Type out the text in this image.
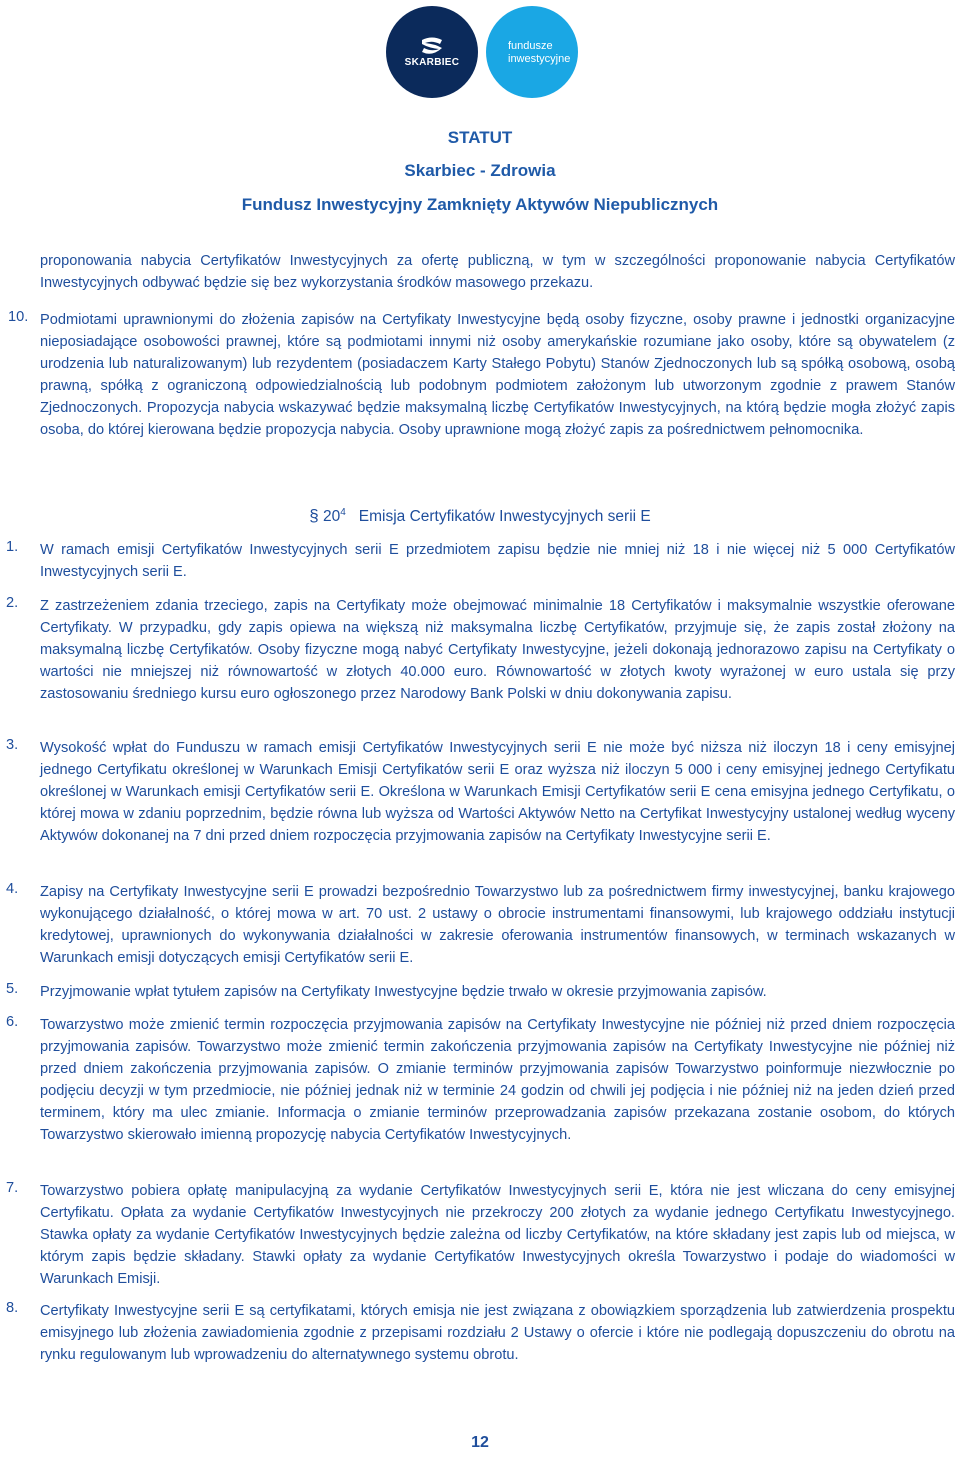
SKARBIEC
fundusze
inwestycyjne
STATUT
Skarbiec - Zdrowia
Fundusz Inwestycyjny Zamknięty Aktywów Niepublicznych

proponowania nabycia Certyfikatów Inwestycyjnych za ofertę publiczną, w tym w szczególności proponowanie nabycia Certyfikatów Inwestycyjnych odbywać będzie się bez wykorzystania środków masowego przekazu.

10. Podmiotami uprawnionymi do złożenia zapisów na Certyfikaty Inwestycyjne będą osoby fizyczne, osoby prawne i jednostki organizacyjne nieposiadające osobowości prawnej, które są podmiotami innymi niż osoby amerykańskie rozumiane jako osoby, które są obywatelem (z urodzenia lub naturalizowanym) lub rezydentem (posiadaczem Karty Stałego Pobytu) Stanów Zjednoczonych lub są spółką osobową, osobą prawną, spółką z ograniczoną odpowiedzialnością lub podobnym podmiotem założonym lub utworzonym zgodnie z prawem Stanów Zjednoczonych. Propozycja nabycia wskazywać będzie maksymalną liczbę Certyfikatów Inwestycyjnych, na którą będzie mogła złożyć zapis osoba, do której kierowana będzie propozycja nabycia. Osoby uprawnione mogą złożyć zapis za pośrednictwem pełnomocnika.

§ $20^4$ Emisja Certyfikatów Inwestycyjnych serii E
1. W ramach emisji Certyfikatów Inwestycyjnych serii E przedmiotem zapisu będzie nie mniej niż 18 i nie więcej niż 5 000 Certyfikatów Inwestycyjnych serii E.

2. Z zastrzeżeniem zdania trzeciego, zapis na Certyfikaty może obejmować minimalnie 18 Certyfikatów i maksymalnie wszystkie oferowane Certyfikaty. W przypadku, gdy zapis opiewa na większą niż maksymalna liczbę Certyfikatów, przyjmuje się, że zapis został złożony na maksymalną liczbę Certyfikatów. Osoby fizyczne mogą nabyć Certyfikaty Inwestycyjne, jeżeli dokonają jednorazowo zapisu na Certyfikaty o wartości nie mniejszej niż równowartość w złotych 40.000 euro. Równowartość w złotych kwoty wyrażonej w euro ustala się przy zastosowaniu średniego kursu euro ogłoszonego przez Narodowy Bank Polski w dniu dokonywania zapisu.

3. Wysokość wpłat do Funduszu w ramach emisji Certyfikatów Inwestycyjnych serii E nie może być niższa niż iloczyn 18 i ceny emisyjnej jednego Certyfikatu określonej w Warunkach Emisji Certyfikatów serii E oraz wyższa niż iloczyn 5 000 i ceny emisyjnej jednego Certyfikatu określonej w Warunkach emisji Certyfikatów serii E. Określona w Warunkach Emisji Certyfikatów serii E cena emisyjna jednego Certyfikatu, o której mowa w zdaniu poprzednim, będzie równa lub wyższa od Wartości Aktywów Netto na Certyfikat Inwestycyjny ustalonej według wyceny Aktywów dokonanej na 7 dni przed dniem rozpoczęcia przyjmowania zapisów na Certyfikaty Inwestycyjne serii E.

4. Zapisy na Certyfikaty Inwestycyjne serii E prowadzi bezpośrednio Towarzystwo lub za pośrednictwem firmy inwestycyjnej, banku krajowego wykonującego działalność, o której mowa w art. 70 ust. 2 ustawy o obrocie instrumentami finansowymi, lub krajowego oddziału instytucji kredytowej, uprawnionych do wykonywania działalności w zakresie oferowania instrumentów finansowych, w terminach wskazanych w Warunkach emisji dotyczących emisji Certyfikatów serii E.

5. Przyjmowanie wpłat tytułem zapisów na Certyfikaty Inwestycyjne będzie trwało w okresie przyjmowania zapisów.

6. Towarzystwo może zmienić termin rozpoczęcia przyjmowania zapisów na Certyfikaty Inwestycyjne nie później niż przed dniem rozpoczęcia przyjmowania zapisów. Towarzystwo może zmienić termin zakończenia przyjmowania zapisów na Certyfikaty Inwestycyjne nie później niż przed dniem zakończenia przyjmowania zapisów. O zmianie terminów przyjmowania zapisów Towarzystwo poinformuje niezwłocznie po podjęciu decyzji w tym przedmiocie, nie później jednak niż w terminie 24 godzin od chwili jej podjęcia i nie później niż na jeden dzień przed terminem, który ma ulec zmianie. Informacja o zmianie terminów przeprowadzania zapisów przekazana zostanie osobom, do których Towarzystwo skierowało imienną propozycję nabycia Certyfikatów Inwestycyjnych.

7. Towarzystwo pobiera opłatę manipulacyjną za wydanie Certyfikatów Inwestycyjnych serii E, która nie jest wliczana do ceny emisyjnej Certyfikatu. Opłata za wydanie Certyfikatów Inwestycyjnych nie przekroczy 200 złotych za wydanie jednego Certyfikatu Inwestycyjnego. Stawka opłaty za wydanie Certyfikatów Inwestycyjnych będzie zależna od liczby Certyfikatów, na które składany jest zapis lub od miejsca, w którym zapis będzie składany. Stawki opłaty za wydanie Certyfikatów Inwestycyjnych określa Towarzystwo i podaje do wiadomości w Warunkach Emisji.

8. Certyfikaty Inwestycyjne serii E są certyfikatami, których emisja nie jest związana z obowiązkiem sporządzenia lub zatwierdzenia prospektu emisyjnego lub złożenia zawiadomienia zgodnie z przepisami rozdziału 2 Ustawy o ofercie i które nie podlegają dopuszczeniu do obrotu na rynku regulowanym lub wprowadzeniu do alternatywnego systemu obrotu.

12
